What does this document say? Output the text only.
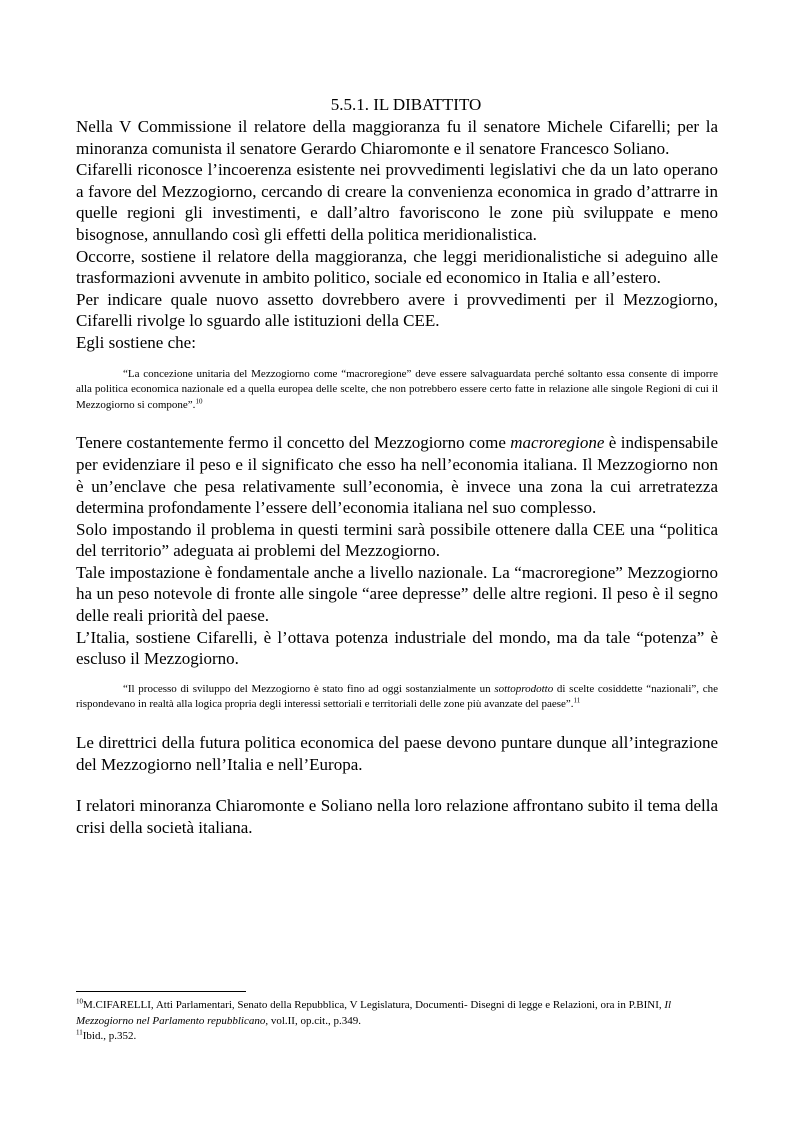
5.5.1. IL DIBATTITO

Nella V Commissione il relatore della maggioranza fu il senatore Michele Cifarelli; per la minoranza comunista il senatore Gerardo Chiaromonte e il senatore Francesco Soliano.

Cifarelli riconosce l’incoerenza esistente nei provvedimenti legislativi che da un lato operano a favore del Mezzogiorno, cercando di creare la convenienza economica in grado d’attrarre in quelle regioni gli investimenti, e dall’altro favoriscono le zone più sviluppate e meno bisognose, annullando così gli effetti della politica meridionalistica.

Occorre, sostiene il relatore della maggioranza, che leggi meridionalistiche si adeguino alle trasformazioni avvenute in ambito politico, sociale ed economico in Italia e all’estero.

Per indicare quale nuovo assetto dovrebbero avere i provvedimenti per il Mezzogiorno, Cifarelli rivolge lo sguardo alle istituzioni della CEE.

Egli sostiene che:

“La concezione unitaria del Mezzogiorno come “macroregione” deve essere salvaguardata perché soltanto essa consente di imporre alla politica economica nazionale ed a quella europea delle scelte, che non potrebbero essere certo fatte in relazione alle singole Regioni di cui il Mezzogiorno si compone”.$^{10}$

Tenere costantemente fermo il concetto del Mezzogiorno come macroregione è indispensabile per evidenziare il peso e il significato che esso ha nell’economia italiana. Il Mezzogiorno non è un’enclave che pesa relativamente sull’economia, è invece una zona la cui arretratezza determina profondamente l’essere dell’economia italiana nel suo complesso.

Solo impostando il problema in questi termini sarà possibile ottenere dalla CEE una “politica del territorio” adeguata ai problemi del Mezzogiorno.

Tale impostazione è fondamentale anche a livello nazionale. La “macroregione” Mezzogiorno ha un peso notevole di fronte alle singole “aree depresse” delle altre regioni. Il peso è il segno delle reali priorità del paese.

L’Italia, sostiene Cifarelli, è l’ottava potenza industriale del mondo, ma da tale “potenza” è escluso il Mezzogiorno.

“Il processo di sviluppo del Mezzogiorno è stato fino ad oggi sostanzialmente un sottoprodotto di scelte cosiddette “nazionali”, che rispondevano in realtà alla logica propria degli interessi settoriali e territoriali delle zone più avanzate del paese”.$^{11}$

Le direttrici della futura politica economica del paese devono puntare dunque all’integrazione del Mezzogiorno nell’Italia e nell’Europa.

I relatori minoranza Chiaromonte e Soliano nella loro relazione affrontano subito il tema della crisi della società italiana.

$^{10}$M.CIFARELLI, Atti Parlamentari, Senato della Repubblica, V Legislatura, Documenti- Disegni di legge e Relazioni, ora in P.BINI, Il Mezzogiorno nel Parlamento repubblicano, vol.II, op.cit., p.349.

$^{11}$Ibid., p.352.
